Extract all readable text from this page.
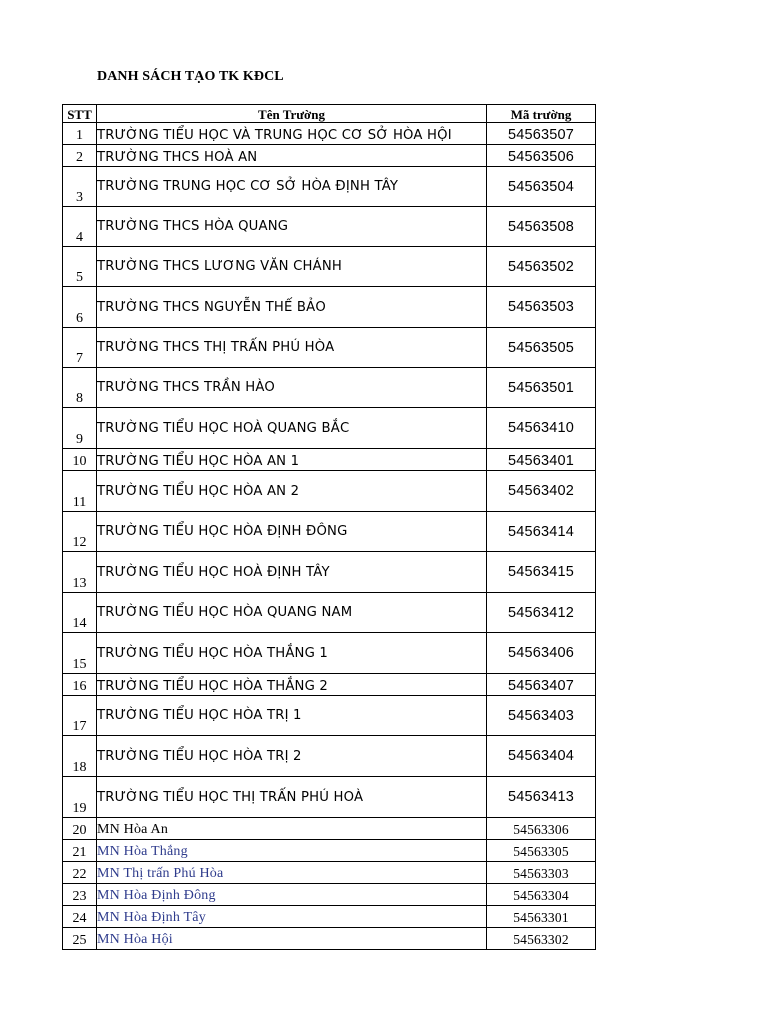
DANH SÁCH TẠO TK KĐCL
STT	Tên Trường	Mã trường
1	TRƯỜNG TIỂU HỌC VÀ TRUNG HỌC CƠ SỞ HÒA HỘI	54563507
2	TRƯỜNG THCS HOÀ AN	54563506
3	TRƯỜNG TRUNG HỌC CƠ SỞ HÒA ĐỊNH TÂY	54563504
4	TRƯỜNG THCS HÒA QUANG	54563508
5	TRƯỜNG THCS LƯƠNG VĂN CHÁNH	54563502
6	TRƯỜNG THCS NGUYỄN THẾ BẢO	54563503
7	TRƯỜNG THCS THỊ TRẤN PHÚ HÒA	54563505
8	TRƯỜNG THCS TRẦN HÀO	54563501
9	TRƯỜNG TIỂU HỌC HOÀ QUANG BẮC	54563410
10	TRƯỜNG TIỂU HỌC HÒA AN 1	54563401
11	TRƯỜNG TIỂU HỌC HÒA AN 2	54563402
12	TRƯỜNG TIỂU HỌC HÒA ĐỊNH ĐÔNG	54563414
13	TRƯỜNG TIỂU HỌC HOÀ ĐỊNH TÂY	54563415
14	TRƯỜNG TIỂU HỌC HÒA QUANG NAM	54563412
15	TRƯỜNG TIỂU HỌC HÒA THẮNG 1	54563406
16	TRƯỜNG TIỂU HỌC HÒA THẮNG 2	54563407
17	TRƯỜNG TIỂU HỌC HÒA TRỊ 1	54563403
18	TRƯỜNG TIỂU HỌC HÒA TRỊ 2	54563404
19	TRƯỜNG TIỂU HỌC THỊ TRẤN PHÚ HOÀ	54563413
20	MN Hòa An	54563306
21	MN Hòa Thắng	54563305
22	MN Thị trấn Phú Hòa	54563303
23	MN Hòa Định Đông	54563304
24	MN Hòa Định Tây	54563301
25	MN Hòa Hội	54563302
